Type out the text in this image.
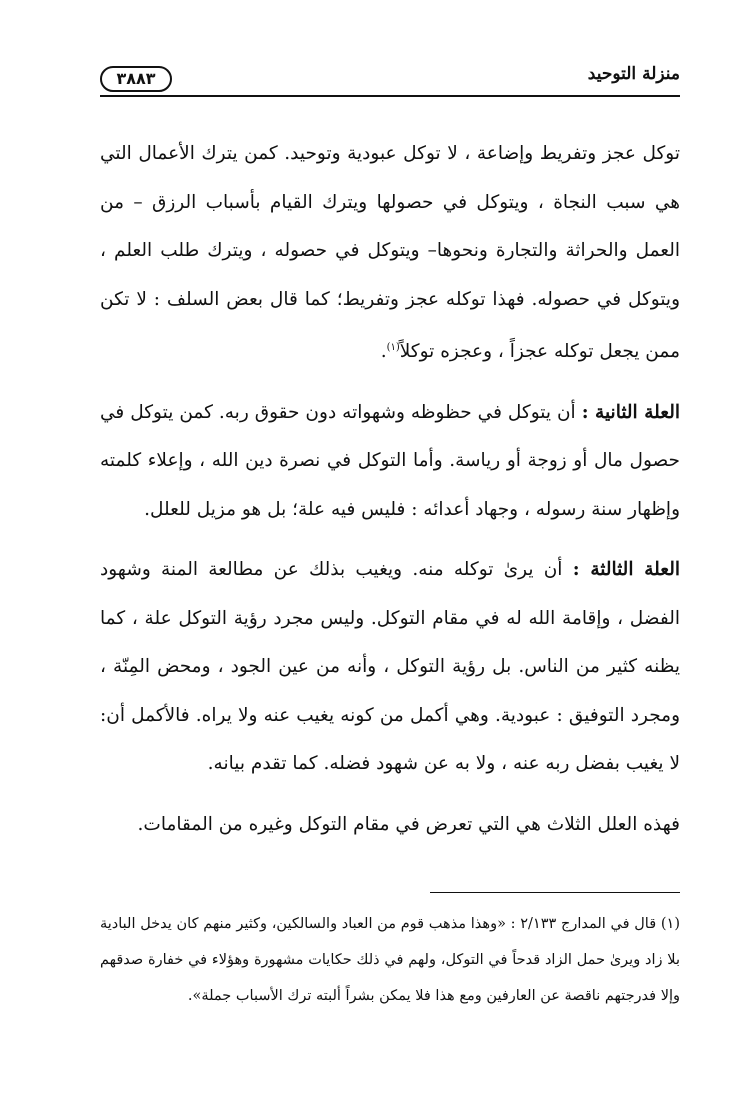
منزلة التوحيد
٣٨٨٣

توكل عجز وتفريط وإضاعة ، لا توكل عبودية وتوحيد. كمن يترك الأعمال التي هي سبب النجاة ، ويتوكل في حصولها ويترك القيام بأسباب الرزق – من العمل والحراثة والتجارة ونحوها– ويتوكل في حصوله ، ويترك طلب العلم ، ويتوكل في حصوله. فهذا توكله عجز وتفريط؛ كما قال بعض السلف : لا تكن ممن يجعل توكله عجزاً ، وعجزه توكلاً$^{(١)}$.

العلة الثانية : أن يتوكل في حظوظه وشهواته دون حقوق ربه. كمن يتوكل في حصول مال أو زوجة أو رياسة. وأما التوكل في نصرة دين الله ، وإعلاء كلمته وإظهار سنة رسوله ، وجهاد أعدائه : فليس فيه علة؛ بل هو مزيل للعلل.

العلة الثالثة : أن يرىٰ توكله منه. ويغيب بذلك عن مطالعة المنة وشهود الفضل ، وإقامة الله له في مقام التوكل. وليس مجرد رؤية التوكل علة ، كما يظنه كثير من الناس. بل رؤية التوكل ، وأنه من عين الجود ، ومحض المِنّة ، ومجرد التوفيق : عبودية. وهي أكمل من كونه يغيب عنه ولا يراه. فالأكمل أن: لا يغيب بفضل ربه عنه ، ولا به عن شهود فضله. كما تقدم بيانه.

فهذه العلل الثلاث هي التي تعرض في مقام التوكل وغيره من المقامات.

(١) قال في المدارج ٢/١٣٣ : «وهذا مذهب قوم من العباد والسالكين، وكثير منهم كان يدخل البادية بلا زاد ويرىٰ حمل الزاد قدحاً في التوكل، ولهم في ذلك حكايات مشهورة وهؤلاء في خفارة صدقهم وإلا فدرجتهم ناقصة عن العارفين ومع هذا فلا يمكن بشراً ألبته ترك الأسباب جملة».
